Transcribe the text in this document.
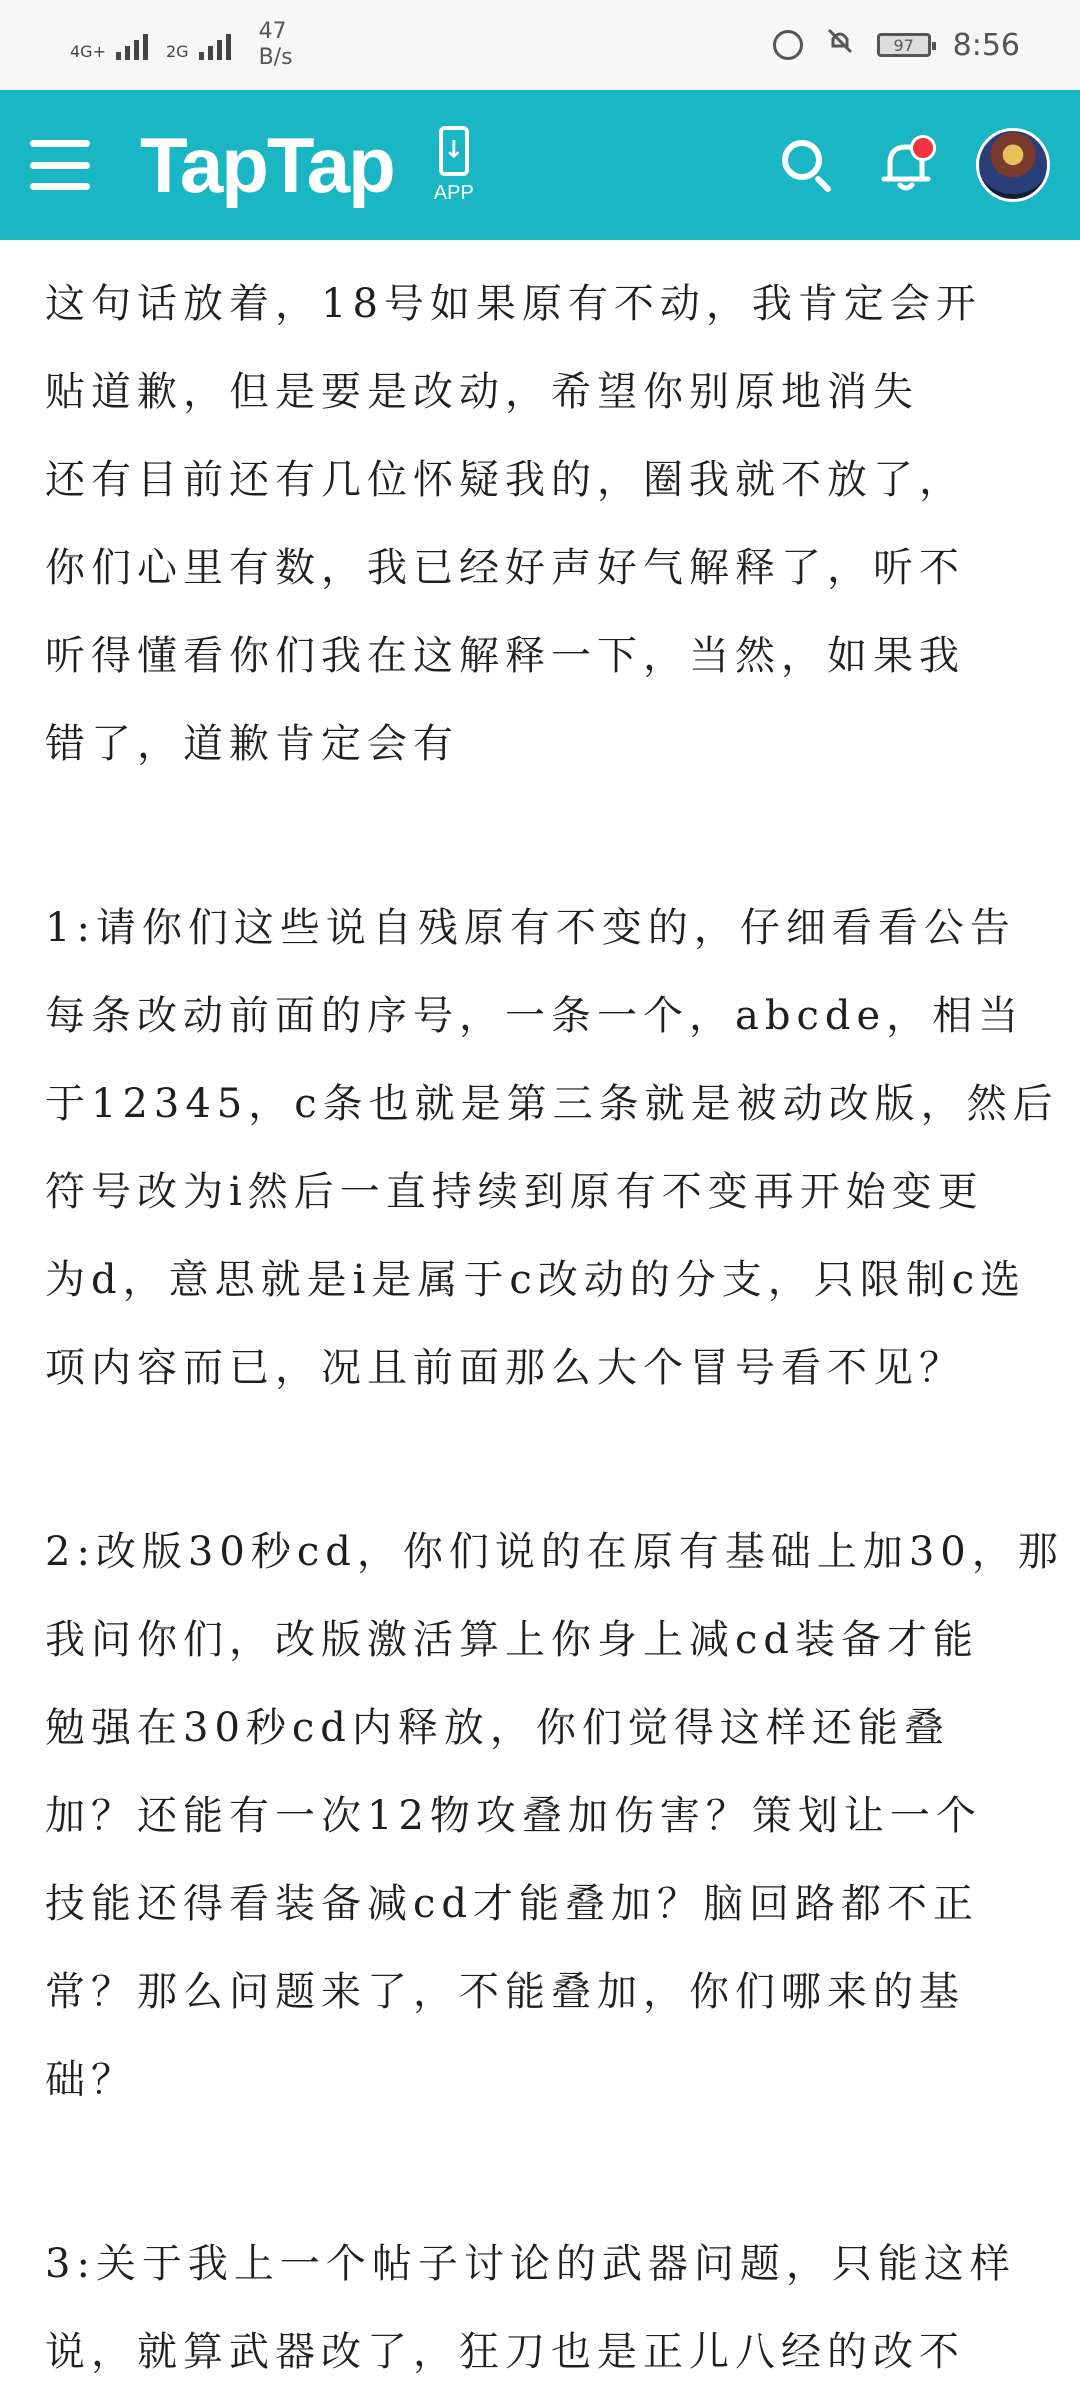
4G+	2G
47
B/s	97	8:56
TapTap
↓ APP

这句话放着，18号如果原有不动，我肯定会开

贴道歉，但是要是改动，希望你别原地消失

还有目前还有几位怀疑我的，圈我就不放了，

你们心里有数，我已经好声好气解释了，听不

听得懂看你们我在这解释一下，当然，如果我

错了，道歉肯定会有

1:请你们这些说自残原有不变的，仔细看看公告

每条改动前面的序号，一条一个，abcde，相当

于12345，c条也就是第三条就是被动改版，然后

符号改为i然后一直持续到原有不变再开始变更

为d，意思就是i是属于c改动的分支，只限制c选

项内容而已，况且前面那么大个冒号看不见？

2:改版30秒cd，你们说的在原有基础上加30，那

我问你们，改版激活算上你身上减cd装备才能

勉强在30秒cd内释放，你们觉得这样还能叠

加？还能有一次12物攻叠加伤害？策划让一个

技能还得看装备减cd才能叠加？脑回路都不正

常？那么问题来了，不能叠加，你们哪来的基

础？

3:关于我上一个帖子讨论的武器问题，只能这样

说，就算武器改了，狂刀也是正儿八经的改不
